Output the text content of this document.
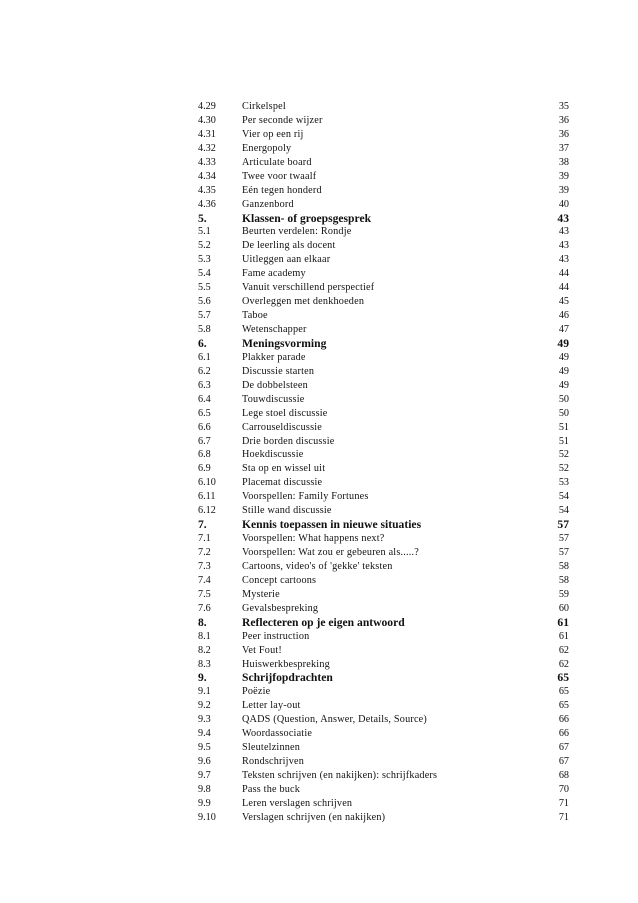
4.29	Cirkelspel	35
4.30	Per seconde wijzer	36
4.31	Vier op een rij	36
4.32	Energopoly	37
4.33	Articulate board	38
4.34	Twee voor twaalf	39
4.35	Eén tegen honderd	39
4.36	Ganzenbord	40
5.	Klassen- of groepsgesprek	43
5.1	Beurten verdelen: Rondje	43
5.2	De leerling als docent	43
5.3	Uitleggen aan elkaar	43
5.4	Fame academy	44
5.5	Vanuit verschillend perspectief	44
5.6	Overleggen met denkhoeden	45
5.7	Taboe	46
5.8	Wetenschapper	47
6.	Meningsvorming	49
6.1	Plakker parade	49
6.2	Discussie starten	49
6.3	De dobbelsteen	49
6.4	Touwdiscussie	50
6.5	Lege stoel discussie	50
6.6	Carrouseldiscussie	51
6.7	Drie borden discussie	51
6.8	Hoekdiscussie	52
6.9	Sta op en wissel uit	52
6.10	Placemat discussie	53
6.11	Voorspellen: Family Fortunes	54
6.12	Stille wand discussie	54
7.	Kennis toepassen in nieuwe situaties	57
7.1	Voorspellen: What happens next?	57
7.2	Voorspellen: Wat zou er gebeuren als.....?	57
7.3	Cartoons, video's of 'gekke' teksten	58
7.4	Concept cartoons	58
7.5	Mysterie	59
7.6	Gevalsbespreking	60
8.	Reflecteren op je eigen antwoord	61
8.1	Peer instruction	61
8.2	Vet Fout!	62
8.3	Huiswerkbespreking	62
9.	Schrijfopdrachten	65
9.1	Poëzie	65
9.2	Letter lay-out	65
9.3	QADS (Question, Answer, Details, Source)	66
9.4	Woordassociatie	66
9.5	Sleutelzinnen	67
9.6	Rondschrijven	67
9.7	Teksten schrijven (en nakijken): schrijfkaders	68
9.8	Pass the buck	70
9.9	Leren verslagen schrijven	71
9.10	Verslagen schrijven (en nakijken)	71
